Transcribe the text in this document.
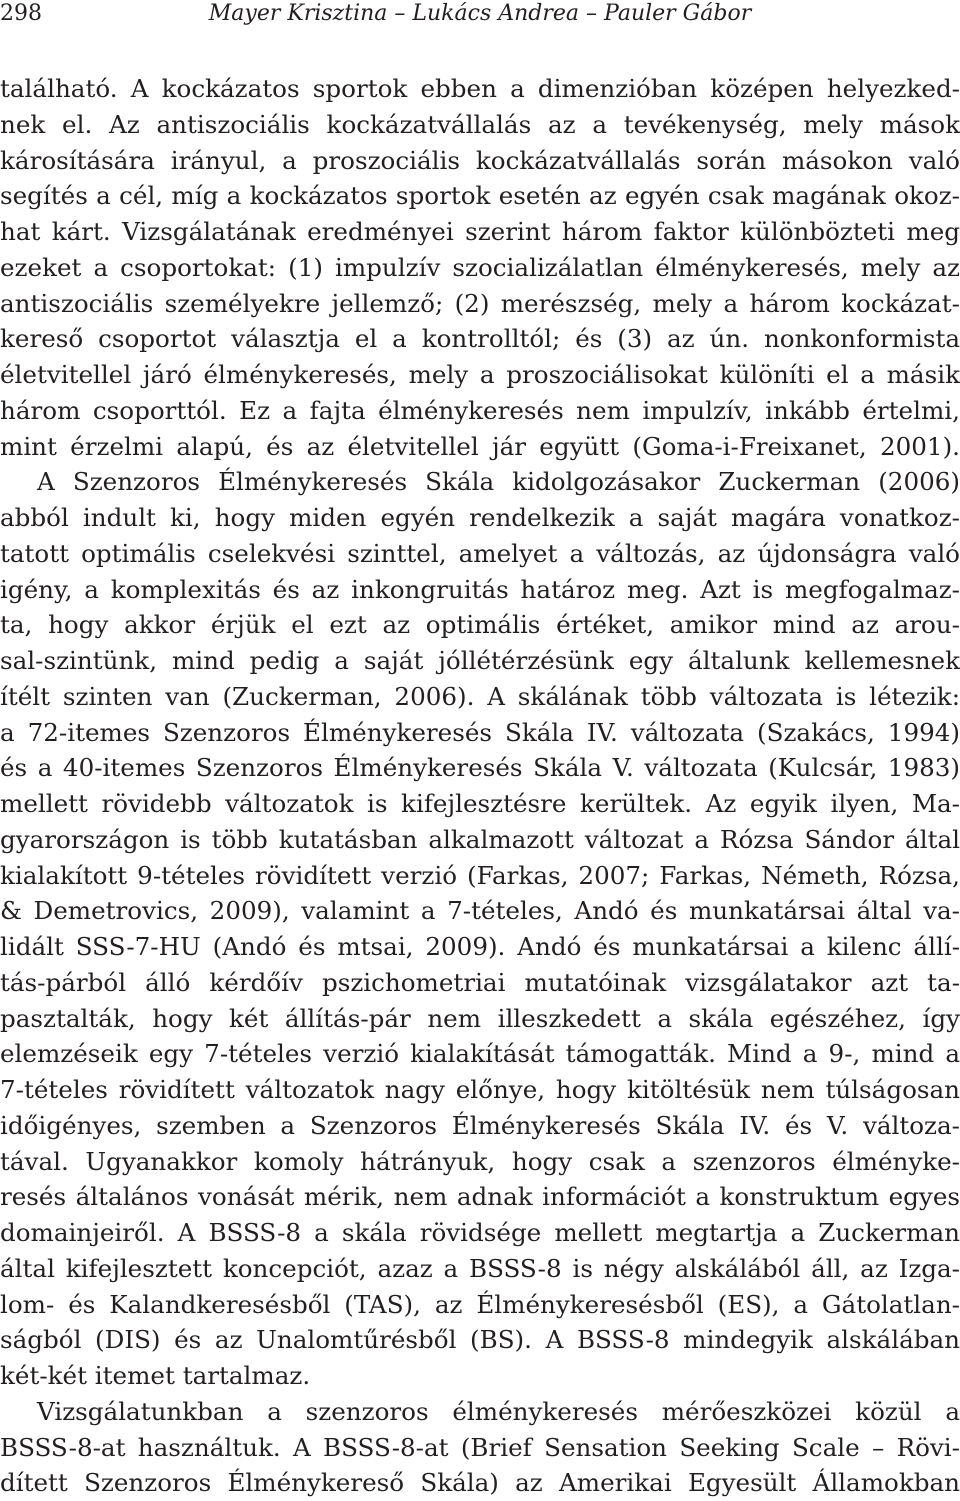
298	Mayer Krisztina – Lukács Andrea – Pauler Gábor
található. A kockázatos sportok ebben a dimenzióban középen helyezked-
nek el. Az antiszociális kockázatvállalás az a tevékenység, mely mások
károsítására irányul, a proszociális kockázatvállalás során másokon való
segítés a cél, míg a kockázatos sportok esetén az egyén csak magának okoz-
hat kárt. Vizsgálatának eredményei szerint három faktor különbözteti meg
ezeket a csoportokat: (1) impulzív szocializálatlan élménykeresés, mely az
antiszociális személyekre jellemző; (2) merészség, mely a három kockázat-
kereső csoportot választja el a kontrolltól; és (3) az ún. nonkonformista
életvitellel járó élménykeresés, mely a proszociálisokat különíti el a másik
három csoporttól. Ez a fajta élménykeresés nem impulzív, inkább értelmi,
mint érzelmi alapú, és az életvitellel jár együtt (Goma-i-Freixanet, 2001).
A Szenzoros Élménykeresés Skála kidolgozásakor Zuckerman (2006)
abból indult ki, hogy miden egyén rendelkezik a saját magára vonatkoz-
tatott optimális cselekvési szinttel, amelyet a változás, az újdonságra való
igény, a komplexitás és az inkongruitás határoz meg. Azt is megfogalmaz-
ta, hogy akkor érjük el ezt az optimális értéket, amikor mind az arou-
sal-szintünk, mind pedig a saját jóllétérzésünk egy általunk kellemesnek
ítélt szinten van (Zuckerman, 2006). A skálának több változata is létezik:
a 72-itemes Szenzoros Élménykeresés Skála IV. változata (Szakács, 1994)
és a 40-itemes Szenzoros Élménykeresés Skála V. változata (Kulcsár, 1983)
mellett rövidebb változatok is kifejlesztésre kerültek. Az egyik ilyen, Ma-
gyarországon is több kutatásban alkalmazott változat a Rózsa Sándor által
kialakított 9-tételes rövidített verzió (Farkas, 2007; Farkas, Németh, Rózsa,
& Demetrovics, 2009), valamint a 7-tételes, Andó és munkatársai által va-
lidált SSS-7-HU (Andó és mtsai, 2009). Andó és munkatársai a kilenc állí-
tás-párból álló kérdőív pszichometriai mutatóinak vizsgálatakor azt ta-
pasztalták, hogy két állítás-pár nem illeszkedett a skála egészéhez, így
elemzéseik egy 7-tételes verzió kialakítását támogatták. Mind a 9-, mind a
7-tételes rövidített változatok nagy előnye, hogy kitöltésük nem túlságosan
időigényes, szemben a Szenzoros Élménykeresés Skála IV. és V. változa-
tával. Ugyanakkor komoly hátrányuk, hogy csak a szenzoros élményke-
resés általános vonását mérik, nem adnak információt a konstruktum egyes
domainjeiről. A BSSS-8 a skála rövidsége mellett megtartja a Zuckerman
által kifejlesztett koncepciót, azaz a BSSS-8 is négy alskálából áll, az Izga-
lom- és Kalandkeresésből (TAS), az Élménykeresésből (ES), a Gátolatlan-
ságból (DIS) és az Unalomtűrésből (BS). A BSSS-8 mindegyik alskálában
két-két itemet tartalmaz.
Vizsgálatunkban a szenzoros élménykeresés mérőeszközei közül a
BSSS-8-at használtuk. A BSSS-8-at (Brief Sensation Seeking Scale – Rövi-
dített Szenzoros Élménykereső Skála) az Amerikai Egyesült Államokban
